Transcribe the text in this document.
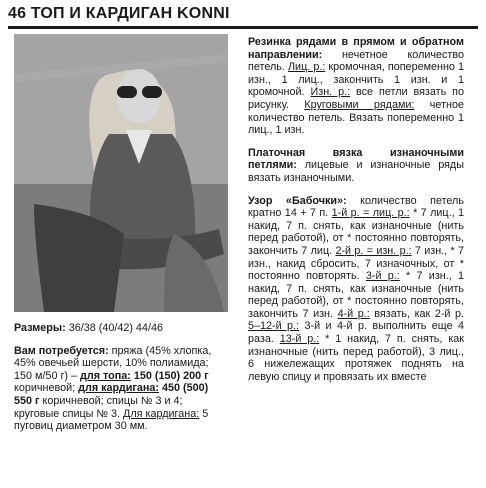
46 ТОП И КАРДИГАН KONNI

Размеры: 36/38 (40/42) 44/46

Вам потребуется: пряжа (45% хлопка, 45% овечьей шерсти, 10% полиамида; 150 м/50 г) – для топа: 150 (150) 200 г коричневой; для кардигана: 450 (500) 550 г коричневой; спицы № 3 и 4; круговые спицы № 3. Для кардигана: 5 пуговиц диаметром 30 мм.

Резинка рядами в прямом и обратном направлении: нечетное количество петель. Лиц. р.: кромочная, попеременно 1 изн., 1 лиц., закончить 1 изн. и 1 кромочной. Изн. р.: все петли вязать по рисунку. Круговыми рядами: четное количество петель. Вязать попеременно 1 лиц., 1 изн.

Платочная вязка изнаночными петлями: лицевые и изнаночные ряды вязать изнаночными.

Узор «Бабочки»: количество петель кратно 14 + 7 п. 1-й р. = лиц. р.: * 7 лиц., 1 накид, 7 п. снять, как изнаночные (нить перед работой), от * постоянно повторять, закончить 7 лиц. 2-й р. = изн. р.: 7 изн., * 7 изн., накид сбросить, 7 изначочных, от * постоянно повторять. 3-й р.: * 7 изн., 1 накид, 7 п. снять, как изнаночные (нить перед работой), от * постоянно повторять, закончить 7 изн. 4-й р.: вязать, как 2-й р. 5–12-й р.: 3-й и 4-й р. выполнить еще 4 раза. 13-й р.: * 1 накид, 7 п. снять, как изнаночные (нить перед работой), 3 лиц., 6 нижележащих протяжек поднять на левую спицу и провязать их вместе
